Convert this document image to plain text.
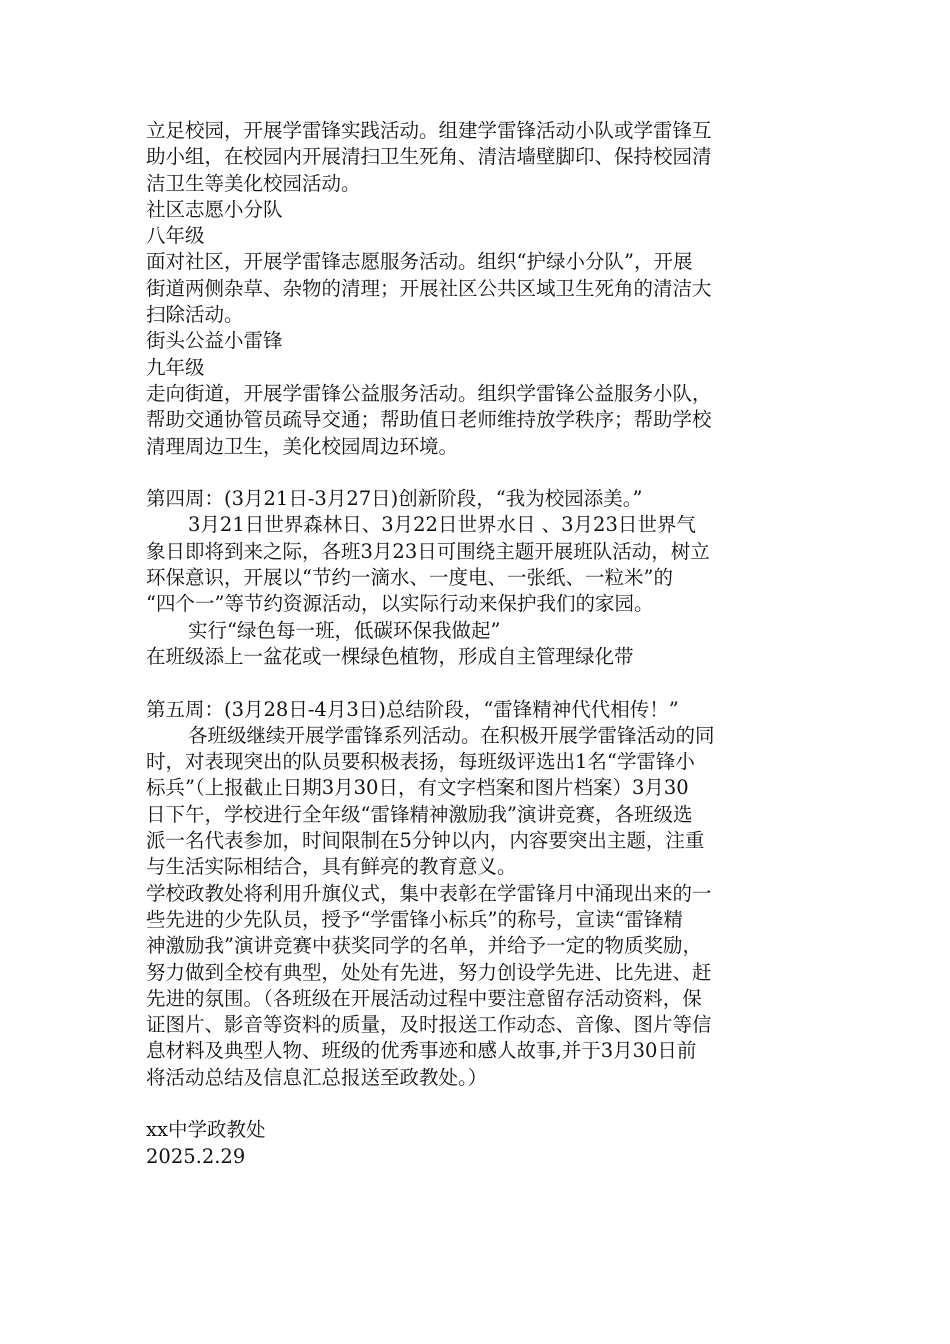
立足校园，开展学雷锋实践活动。组建学雷锋活动小队或学雷锋互
助小组，在校园内开展清扫卫生死角、清洁墙壁脚印、保持校园清
洁卫生等美化校园活动。
社区志愿小分队
八年级
面对社区，开展学雷锋志愿服务活动。组织“护绿小分队”，开展
街道两侧杂草、杂物的清理；开展社区公共区域卫生死角的清洁大
扫除活动。
街头公益小雷锋
九年级
走向街道，开展学雷锋公益服务活动。组织学雷锋公益服务小队，
帮助交通协管员疏导交通；帮助值日老师维持放学秩序；帮助学校
清理周边卫生，美化校园周边环境。
第四周：(3月21日-3月27日)创新阶段，“我为校园添美。”
3月21日世界森林日、3月22日世界水日 、3月23日世界气
象日即将到来之际，各班3月23日可围绕主题开展班队活动，树立
环保意识，开展以“节约一滴水、一度电、一张纸、一粒米”的
“四个一”等节约资源活动，以实际行动来保护我们的家园。
实行“绿色每一班，低碳环保我做起”
在班级添上一盆花或一棵绿色植物，形成自主管理绿化带
第五周：(3月28日-4月3日)总结阶段，“雷锋精神代代相传！”
各班级继续开展学雷锋系列活动。在积极开展学雷锋活动的同
时，对表现突出的队员要积极表扬，每班级评选出1名“学雷锋小
标兵”（上报截止日期3月30日，有文字档案和图片档案）3月30
日下午，学校进行全年级“雷锋精神激励我”演讲竞赛，各班级选
派一名代表参加，时间限制在5分钟以内，内容要突出主题，注重
与生活实际相结合，具有鲜亮的教育意义。
学校政教处将利用升旗仪式，集中表彰在学雷锋月中涌现出来的一
些先进的少先队员，授予“学雷锋小标兵”的称号，宣读“雷锋精
神激励我”演讲竞赛中获奖同学的名单，并给予一定的物质奖励，
努力做到全校有典型，处处有先进，努力创设学先进、比先进、赶
先进的氛围。（各班级在开展活动过程中要注意留存活动资料，保
证图片、影音等资料的质量，及时报送工作动态、音像、图片等信
息材料及典型人物、班级的优秀事迹和感人故事,并于3月30日前
将活动总结及信息汇总报送至政教处。）
xx中学政教处
2025.2.29
